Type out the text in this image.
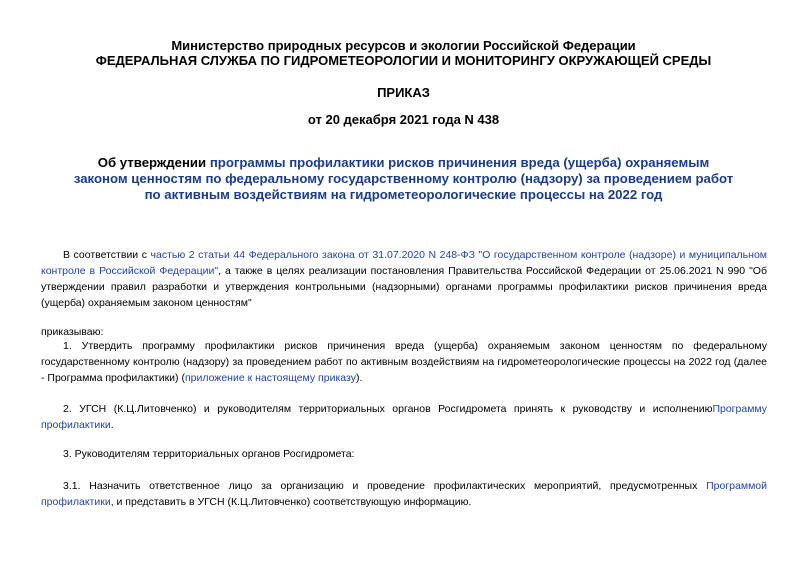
Министерство природных ресурсов и экологии Российской Федерации
ФЕДЕРАЛЬНАЯ СЛУЖБА ПО ГИДРОМЕТЕОРОЛОГИИ И МОНИТОРИНГУ ОКРУЖАЮЩЕЙ СРЕДЫ
ПРИКАЗ
от 20 декабря 2021 года N 438
Об утверждении программы профилактики рисков причинения вреда (ущерба) охраняемым законом ценностям по федеральному государственному контролю (надзору) за проведением работ по активным воздействиям на гидрометеорологические процессы на 2022 год
В соответствии с частью 2 статьи 44 Федерального закона от 31.07.2020 N 248-ФЗ "О государственном контроле (надзоре) и муниципальном контроле в Российской Федерации", а также в целях реализации постановления Правительства Российской Федерации от 25.06.2021 N 990 "Об утверждении правил разработки и утверждения контрольными (надзорными) органами программы профилактики рисков причинения вреда (ущерба) охраняемым законом ценностям"
приказываю:
1. Утвердить программу профилактики рисков причинения вреда (ущерба) охраняемым законом ценностям по федеральному государственному контролю (надзору) за проведением работ по активным воздействиям на гидрометеорологические процессы на 2022 год (далее - Программа профилактики) (приложение к настоящему приказу).
2. УГСН (К.Ц.Литовченко) и руководителям территориальных органов Росгидромета принять к руководству и исполнениюПрограмму профилактики.
3. Руководителям территориальных органов Росгидромета:
3.1. Назначить ответственное лицо за организацию и проведение профилактических мероприятий, предусмотренных Программой профилактики, и представить в УГСН (К.Ц.Литовченко) соответствующую информацию.
